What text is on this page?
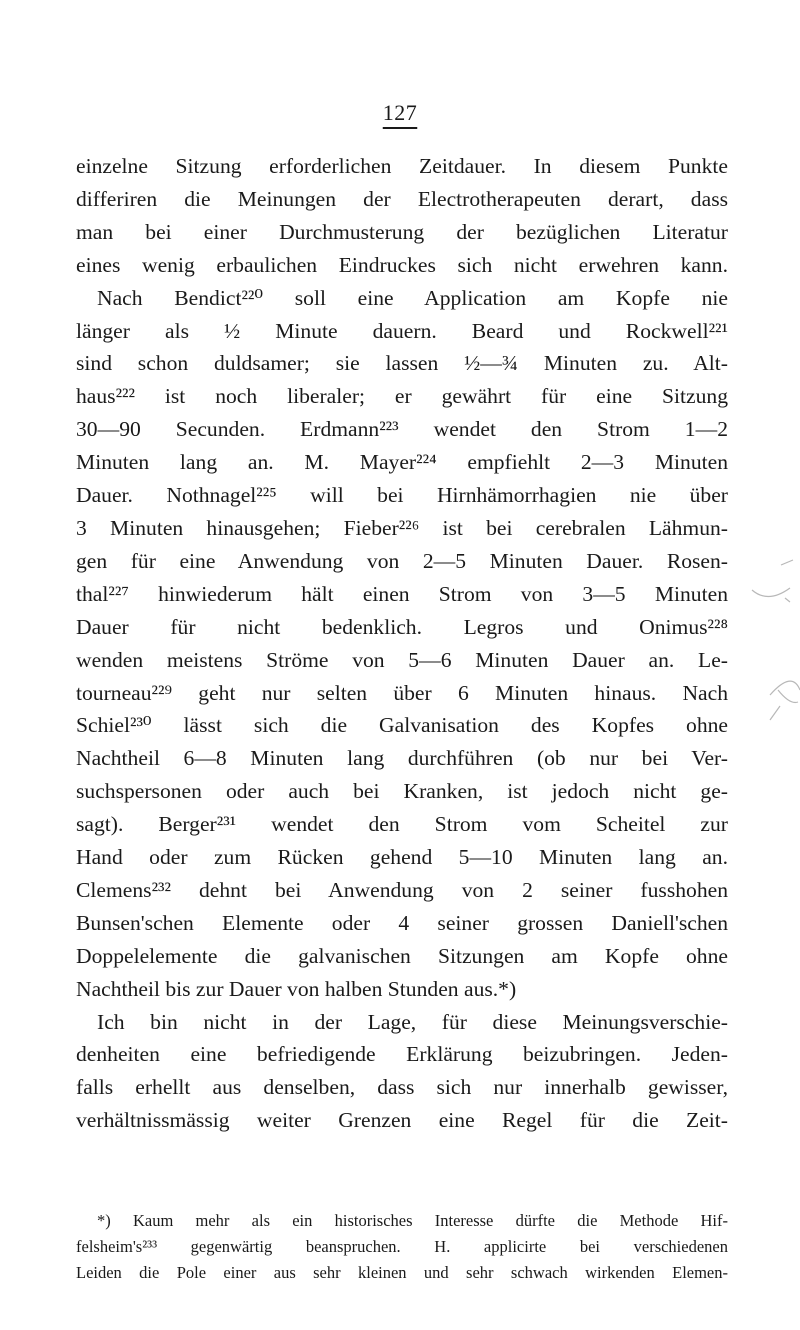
127
einzelne Sitzung erforderlichen Zeitdauer. In diesem Punkte
differiren die Meinungen der Electrotherapeuten derart, dass
man bei einer Durchmusterung der bezüglichen Literatur
eines wenig erbaulichen Eindruckes sich nicht erwehren kann.
Nach Bendict²²⁰ soll eine Application am Kopfe nie
länger als ½ Minute dauern. Beard und Rockwell²²¹
sind schon duldsamer; sie lassen ½—¾ Minuten zu. Alt-
haus²²² ist noch liberaler; er gewährt für eine Sitzung
30—90 Secunden. Erdmann²²³ wendet den Strom 1—2
Minuten lang an. M. Mayer²²⁴ empfiehlt 2—3 Minuten
Dauer. Nothnagel²²⁵ will bei Hirnhämorrhagien nie über
3 Minuten hinausgehen; Fieber²²⁶ ist bei cerebralen Lähmun-
gen für eine Anwendung von 2—5 Minuten Dauer. Rosen-
thal²²⁷ hinwiederum hält einen Strom von 3—5 Minuten
Dauer für nicht bedenklich. Legros und Onimus²²⁸
wenden meistens Ströme von 5—6 Minuten Dauer an. Le-
tourneau²²⁹ geht nur selten über 6 Minuten hinaus. Nach
Schiel²³⁰ lässt sich die Galvanisation des Kopfes ohne
Nachtheil 6—8 Minuten lang durchführen (ob nur bei Ver-
suchspersonen oder auch bei Kranken, ist jedoch nicht ge-
sagt). Berger²³¹ wendet den Strom vom Scheitel zur
Hand oder zum Rücken gehend 5—10 Minuten lang an.
Clemens²³² dehnt bei Anwendung von 2 seiner fusshohen
Bunsen'schen Elemente oder 4 seiner grossen Daniell'schen
Doppelelemente die galvanischen Sitzungen am Kopfe ohne
Nachtheil bis zur Dauer von halben Stunden aus.*)
Ich bin nicht in der Lage, für diese Meinungsverschie-
denheiten eine befriedigende Erklärung beizubringen. Jeden-
falls erhellt aus denselben, dass sich nur innerhalb gewisser,
verhältnissmässig weiter Grenzen eine Regel für die Zeit-
*) Kaum mehr als ein historisches Interesse dürfte die Methode Hif-
felsheim's²³³ gegenwärtig beanspruchen. H. applicirte bei verschiedenen
Leiden die Pole einer aus sehr kleinen und sehr schwach wirkenden Elemen-
